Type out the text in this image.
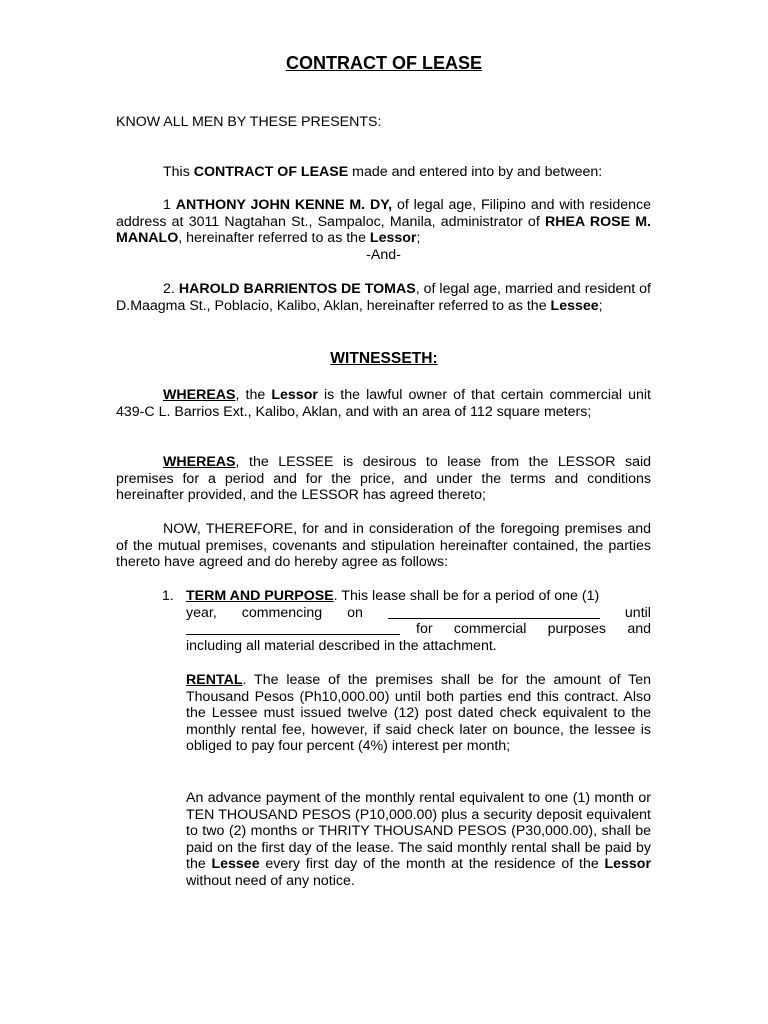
CONTRACT OF LEASE

KNOW ALL MEN BY THESE PRESENTS:

This CONTRACT OF LEASE made and entered into by and between:

1 ANTHONY JOHN KENNE M. DY, of legal age, Filipino and with residence address at 3011 Nagtahan St., Sampaloc, Manila, administrator of RHEA ROSE M. MANALO, hereinafter referred to as the Lessor;

-And-

2. HAROLD BARRIENTOS DE TOMAS, of legal age, married and resident of D.Maagma St., Poblacio, Kalibo, Aklan, hereinafter referred to as the Lessee;

WITNESSETH:

WHEREAS, the Lessor is the lawful owner of that certain commercial unit 439-C L. Barrios Ext., Kalibo, Aklan, and with an area of 112 square meters;

WHEREAS, the LESSEE is desirous to lease from the LESSOR said premises for a period and for the price, and under the terms and conditions hereinafter provided, and the LESSOR has agreed thereto;

NOW, THEREFORE, for and in consideration of the foregoing premises and of the mutual premises, covenants and stipulation hereinafter contained, the parties thereto have agreed and do hereby agree as follows:

1. TERM AND PURPOSE. This lease shall be for a period of one (1)
year, commencing on	until
for commercial purposes and
including all material described in the attachment.

RENTAL. The lease of the premises shall be for the amount of Ten Thousand Pesos (Ph10,000.00) until both parties end this contract. Also the Lessee must issued twelve (12) post dated check equivalent to the monthly rental fee, however, if said check later on bounce, the lessee is obliged to pay four percent (4%) interest per month;

An advance payment of the monthly rental equivalent to one (1) month or TEN THOUSAND PESOS (P10,000.00) plus a security deposit equivalent to two (2) months or THRITY THOUSAND PESOS (P30,000.00), shall be paid on the first day of the lease. The said monthly rental shall be paid by the Lessee every first day of the month at the residence of the Lessor without need of any notice.
